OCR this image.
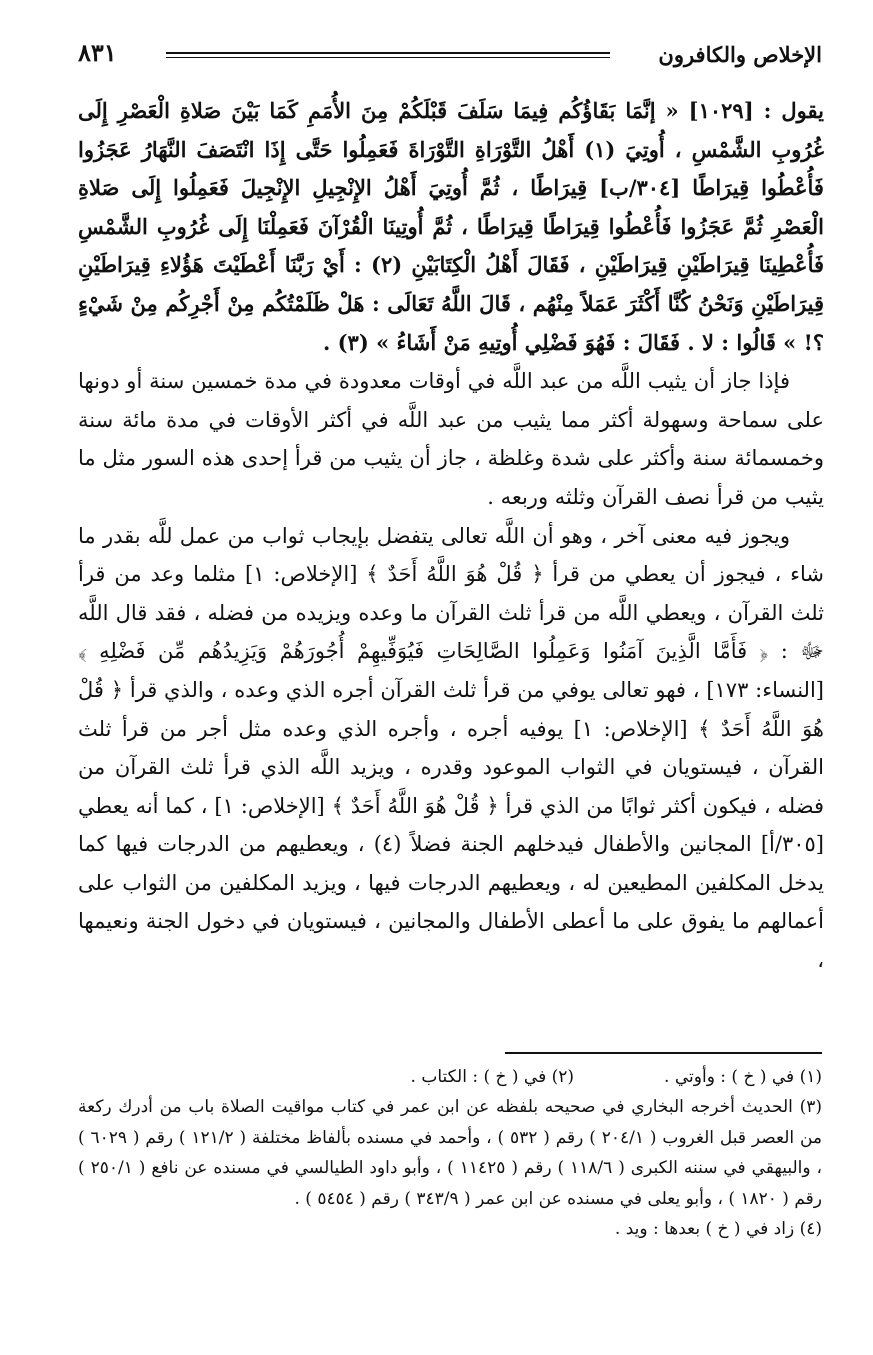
الإخلاص والكافرون
٨٣١

يقول : [١٠٢٩] « إنَّمَا بَقَاؤُكُم فِيمَا سَلَفَ قَبْلَكُمْ مِنَ الأُمَمِ كَمَا بَيْنَ صَلاةِ الْعَصْرِ إِلَى غُرُوبِ الشَّمْسِ ، أُوتِيَ (١) أَهْلُ التَّوْرَاةِ التَّوْرَاةَ فَعَمِلُوا حَتَّى إِذَا انْتَصَفَ النَّهَارُ عَجَزُوا فَأُعْطُوا قِيرَاطًا [٣٠٤/ب] قِيرَاطًا ، ثُمَّ أُوتِيَ أَهْلُ الإِنْجِيلِ الإِنْجِيلَ فَعَمِلُوا إِلَى صَلاةِ الْعَصْرِ ثُمَّ عَجَزُوا فَأُعْطُوا قِيرَاطًا قِيرَاطًا ، ثُمَّ أُوتِينَا الْقُرْآنَ فَعَمِلْنَا إِلَى غُرُوبِ الشَّمْسِ فَأُعْطِينَا قِيرَاطَيْنِ قِيرَاطَيْنِ ، فَقَالَ أَهْلُ الْكِتَابَيْنِ (٢) : أَيْ رَبَّنَا أَعْطَيْتَ هَؤُلاءِ قِيرَاطَيْنِ قِيرَاطَيْنِ وَنَحْنُ كُنَّا أَكْثَرَ عَمَلاً مِنْهُم ، قَالَ اللَّهُ تَعَالَى : هَلْ ظَلَمْتُكُم مِنْ أَجْرِكُم مِنْ شَيْءٍ ؟! » قَالُوا : لا . فَقَالَ : فَهُوَ فَضْلِي أُوتِيهِ مَنْ أَشَاءُ » (٣) .

فإذا جاز أن يثيب اللَّه من عبد اللَّه في أوقات معدودة في مدة خمسين سنة أو دونها على سماحة وسهولة أكثر مما يثيب من عبد اللَّه في أكثر الأوقات في مدة مائة سنة وخمسمائة سنة وأكثر على شدة وغلظة ، جاز أن يثيب من قرأ إحدى هذه السور مثل ما يثيب من قرأ نصف القرآن وثلثه وربعه .

ويجوز فيه معنى آخر ، وهو أن اللَّه تعالى يتفضل بإيجاب ثواب من عمل للَّه بقدر ما شاء ، فيجوز أن يعطي من قرأ ﴿ قُلْ هُوَ اللَّهُ أَحَدٌ ﴾ [الإخلاص: ١] مثلما وعد من قرأ ثلث القرآن ، ويعطي اللَّه من قرأ ثلث القرآن ما وعده ويزيده من فضله ، فقد قال اللَّه ﷻ : ﴿ فَأَمَّا الَّذِينَ آمَنُوا وَعَمِلُوا الصَّالِحَاتِ فَيُوَفِّيهِمْ أُجُورَهُمْ وَيَزِيدُهُم مِّن فَضْلِهِ ﴾ [النساء: ١٧٣] ، فهو تعالى يوفي من قرأ ثلث القرآن أجره الذي وعده ، والذي قرأ ﴿ قُلْ هُوَ اللَّهُ أَحَدٌ ﴾ [الإخلاص: ١] يوفيه أجره ، وأجره الذي وعده مثل أجر من قرأ ثلث القرآن ، فيستويان في الثواب الموعود وقدره ، ويزيد اللَّه الذي قرأ ثلث القرآن من فضله ، فيكون أكثر ثوابًا من الذي قرأ ﴿ قُلْ هُوَ اللَّهُ أَحَدٌ ﴾ [الإخلاص: ١] ، كما أنه يعطي [٣٠٥/أ] المجانين والأطفال فيدخلهم الجنة فضلاً (٤) ، ويعطيهم من الدرجات فيها كما يدخل المكلفين المطيعين له ، ويعطيهم الدرجات فيها ، ويزيد المكلفين من الثواب على أعمالهم ما يفوق على ما أعطى الأطفال والمجانين ، فيستويان في دخول الجنة ونعيمها ،

(١) في ( خ ) : وأوتي .
(٢) في ( خ ) : الكتاب .

(٣) الحديث أخرجه البخاري في صحيحه بلفظه عن ابن عمر في كتاب مواقيت الصلاة باب من أدرك ركعة من العصر قبل الغروب ( ٢٠٤/١ ) رقم ( ٥٣٢ ) ، وأحمد في مسنده بألفاظ مختلفة ( ١٢١/٢ ) رقم ( ٦٠٢٩ ) ، والبيهقي في سننه الكبرى ( ١١٨/٦ ) رقم ( ١١٤٢٥ ) ، وأبو داود الطيالسي في مسنده عن نافع ( ٢٥٠/١ ) رقم ( ١٨٢٠ ) ، وأبو يعلى في مسنده عن ابن عمر ( ٣٤٣/٩ ) رقم ( ٥٤٥٤ ) .

(٤) زاد في ( خ ) بعدها : ويد .
